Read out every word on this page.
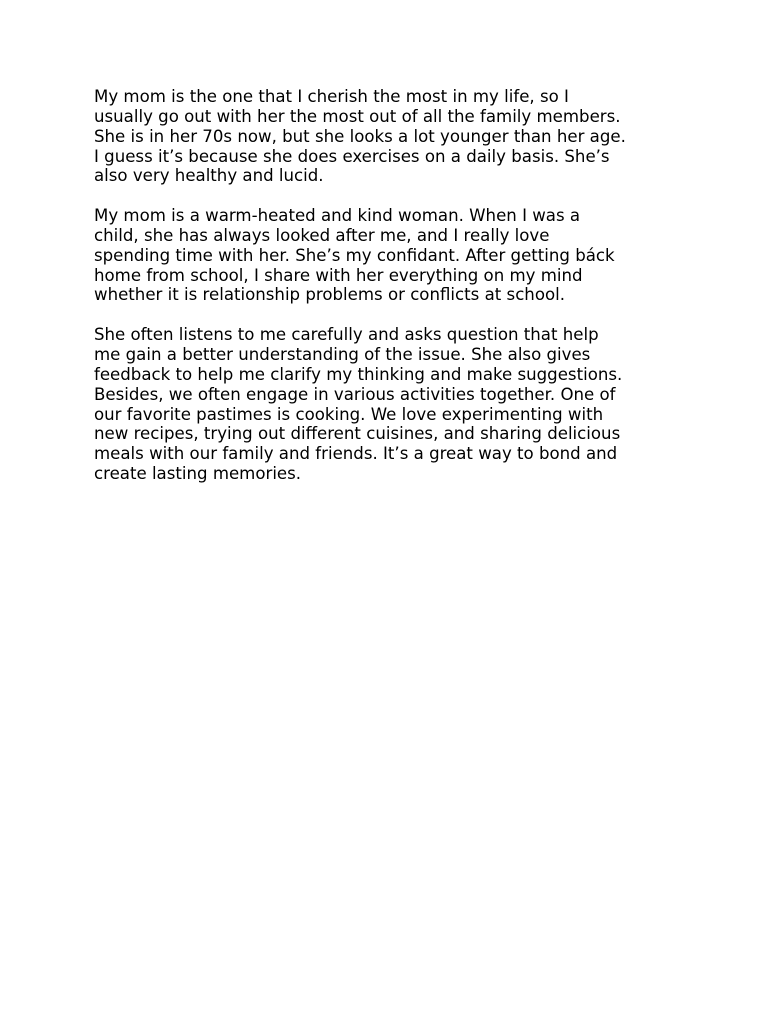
My mom is the one that I cherish the most in my life, so I
usually go out with her the most out of all the family members.
She is in her 70s now, but she looks a lot younger than her age.
I guess it’s because she does exercises on a daily basis. She’s
also very healthy and lucid.

My mom is a warm-heated and kind woman. When I was a
child, she has always looked after me, and I really love
spending time with her. She’s my confidant. After getting báck
home from school, I share with her everything on my mind
whether it is relationship problems or conflicts at school.

She often listens to me carefully and asks question that help
me gain a better understanding of the issue. She also gives
feedback to help me clarify my thinking and make suggestions.
Besides, we often engage in various activities together. One of
our favorite pastimes is cooking. We love experimenting with
new recipes, trying out different cuisines, and sharing delicious
meals with our family and friends. It’s a great way to bond and
create lasting memories.
